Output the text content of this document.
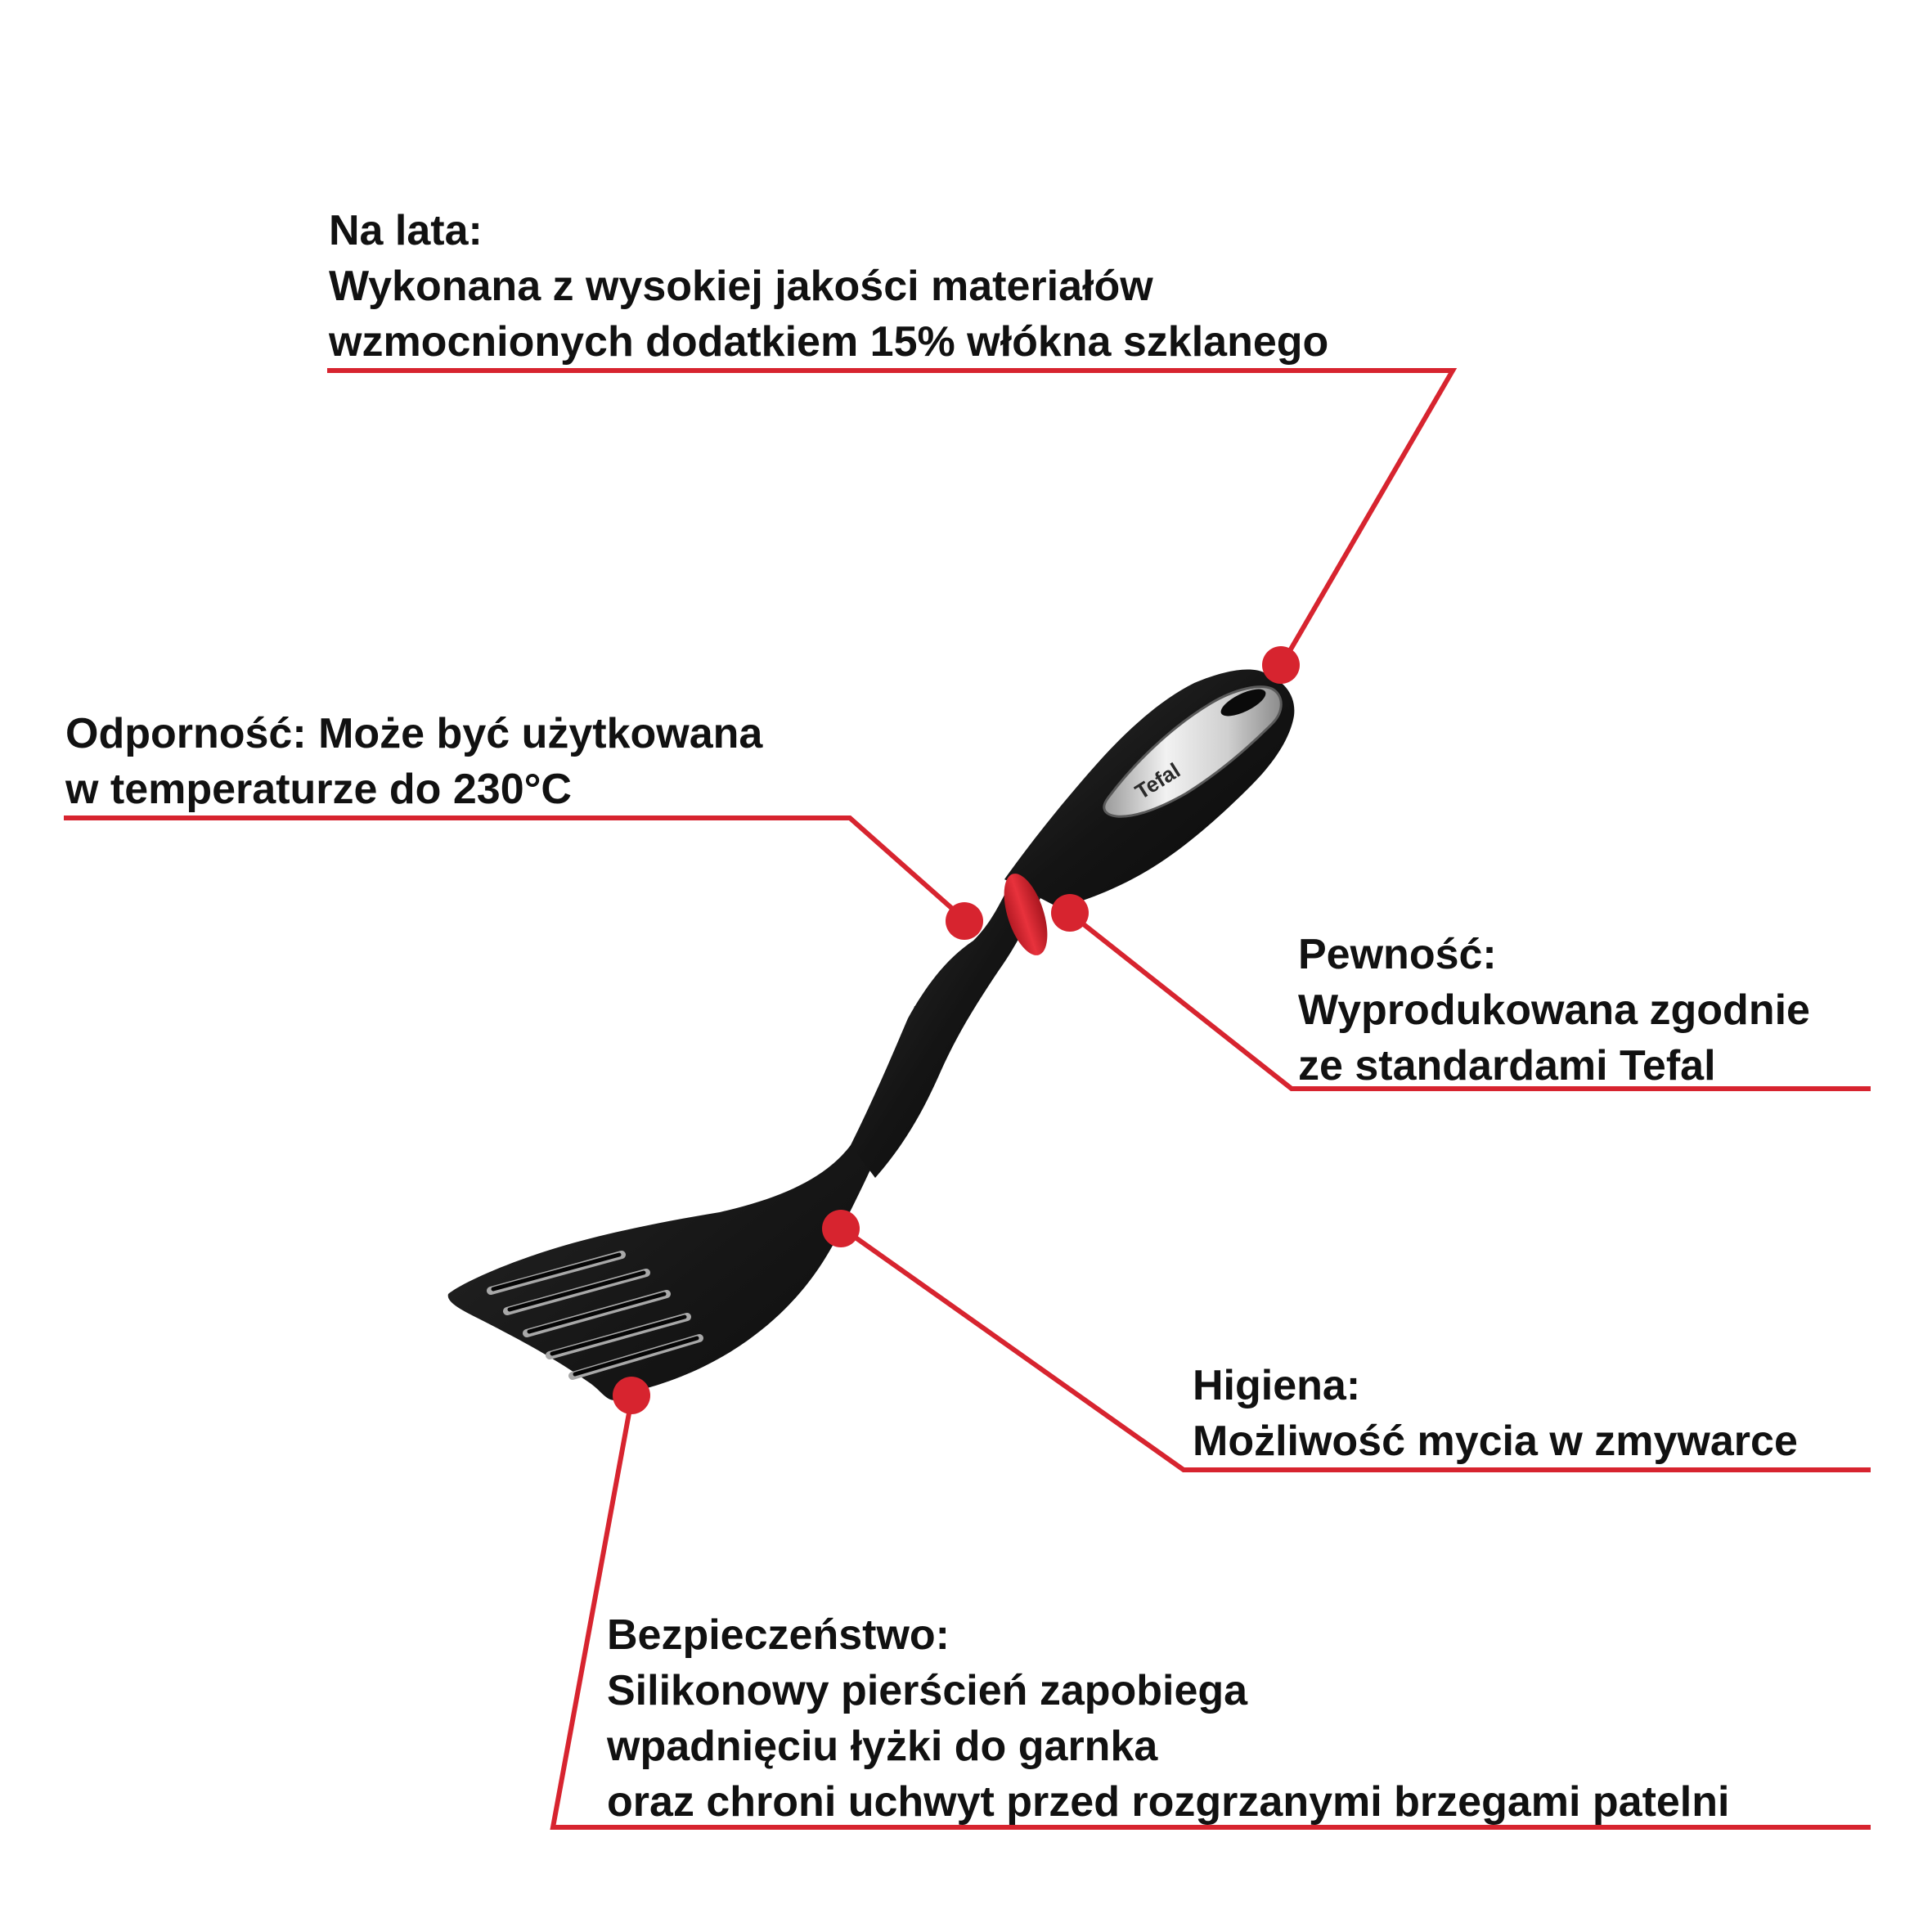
Tefal
Na lata:
Wykonana z wysokiej jakości materiałów
wzmocnionych dodatkiem 15% włókna szklanego
Odporność: Może być użytkowana
w temperaturze do 230°C
Pewność:
Wyprodukowana zgodnie
ze standardami Tefal
Higiena:
Możliwość mycia w zmywarce
Bezpieczeństwo:
Silikonowy pierścień zapobiega
wpadnięciu łyżki do garnka
oraz chroni uchwyt przed rozgrzanymi brzegami patelni
